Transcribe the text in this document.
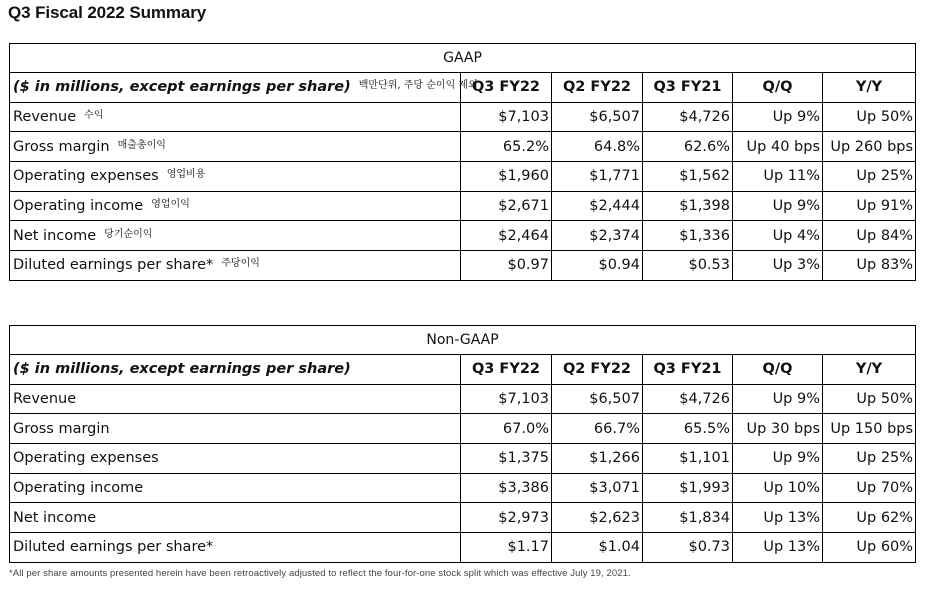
Q3 Fiscal 2022 Summary
GAAP					
($ in millions, except earnings per share) $^{백만단위, 주당 순이익 제외}$	Q3 FY22	Q2 FY22	Q3 FY21	Q/Q	Y/Y
Revenue $^{수익}$	$7,103	$6,507	$4,726	Up 9%	Up 50%
Gross margin $^{매출총이익}$	65.2%	64.8%	62.6%	Up 40 bps	Up 260 bps
Operating expenses $^{영업비용}$	$1,960	$1,771	$1,562	Up 11%	Up 25%
Operating income $^{영업이익}$	$2,671	$2,444	$1,398	Up 9%	Up 91%
Net income $^{당기순이익}$	$2,464	$2,374	$1,336	Up 4%	Up 84%
Diluted earnings per share* $^{주당이익}$	$0.97	$0.94	$0.53	Up 3%	Up 83%
Non-GAAP					
($ in millions, except earnings per share)	Q3 FY22	Q2 FY22	Q3 FY21	Q/Q	Y/Y
Revenue	$7,103	$6,507	$4,726	Up 9%	Up 50%
Gross margin	67.0%	66.7%	65.5%	Up 30 bps	Up 150 bps
Operating expenses	$1,375	$1,266	$1,101	Up 9%	Up 25%
Operating income	$3,386	$3,071	$1,993	Up 10%	Up 70%
Net income	$2,973	$2,623	$1,834	Up 13%	Up 62%
Diluted earnings per share*	$1.17	$1.04	$0.73	Up 13%	Up 60%
*All per share amounts presented herein have been retroactively adjusted to reflect the four-for-one stock split which was effective July 19, 2021.
